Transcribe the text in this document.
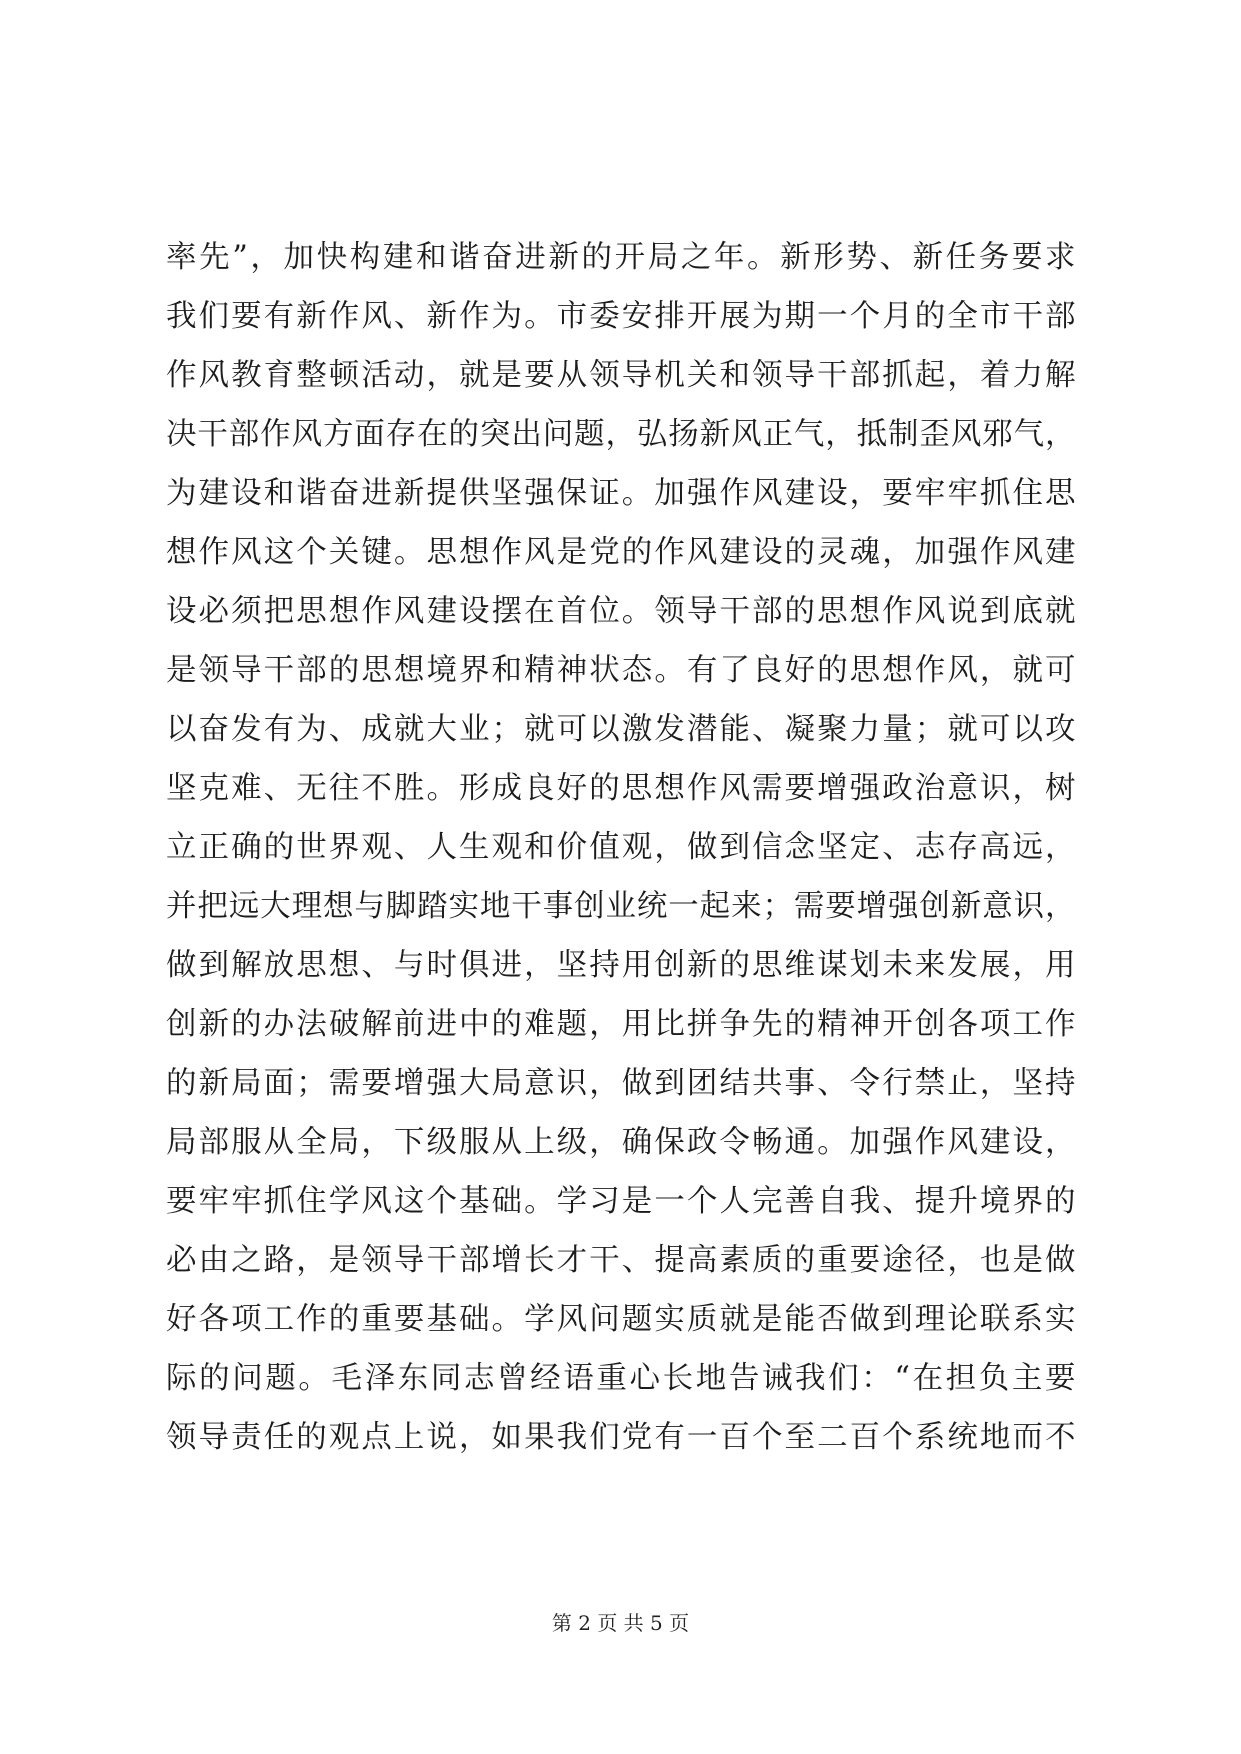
率先”，加快构建和谐奋进新的开局之年。新形势、新任务要求
我们要有新作风、新作为。市委安排开展为期一个月的全市干部
作风教育整顿活动，就是要从领导机关和领导干部抓起，着力解
决干部作风方面存在的突出问题，弘扬新风正气，抵制歪风邪气，
为建设和谐奋进新提供坚强保证。加强作风建设，要牢牢抓住思
想作风这个关键。思想作风是党的作风建设的灵魂，加强作风建
设必须把思想作风建设摆在首位。领导干部的思想作风说到底就
是领导干部的思想境界和精神状态。有了良好的思想作风，就可
以奋发有为、成就大业；就可以激发潜能、凝聚力量；就可以攻
坚克难、无往不胜。形成良好的思想作风需要增强政治意识，树
立正确的世界观、人生观和价值观，做到信念坚定、志存高远，
并把远大理想与脚踏实地干事创业统一起来；需要增强创新意识，
做到解放思想、与时俱进，坚持用创新的思维谋划未来发展，用
创新的办法破解前进中的难题，用比拼争先的精神开创各项工作
的新局面；需要增强大局意识，做到团结共事、令行禁止，坚持
局部服从全局，下级服从上级，确保政令畅通。加强作风建设，
要牢牢抓住学风这个基础。学习是一个人完善自我、提升境界的
必由之路，是领导干部增长才干、提高素质的重要途径，也是做
好各项工作的重要基础。学风问题实质就是能否做到理论联系实
际的问题。毛泽东同志曾经语重心长地告诫我们：“在担负主要
领导责任的观点上说，如果我们党有一百个至二百个系统地而不
第 2 页 共 5 页
